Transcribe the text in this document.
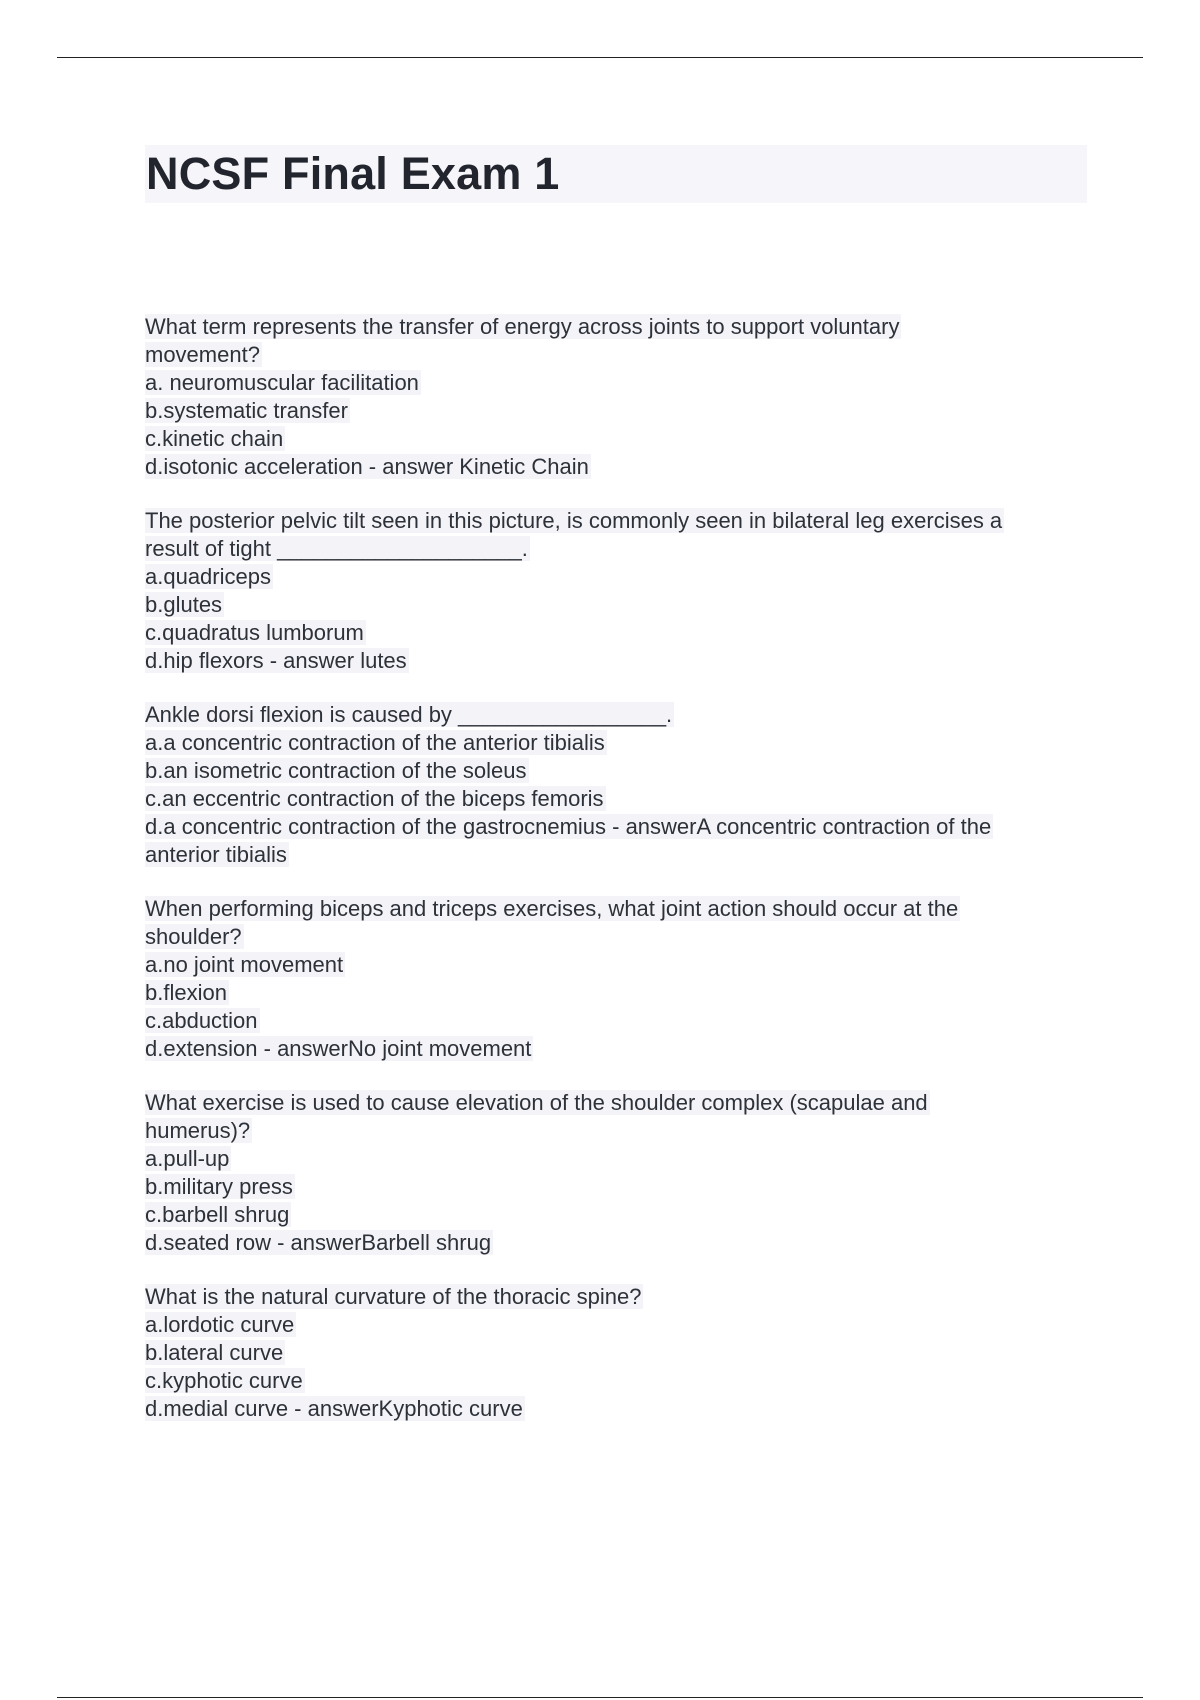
NCSF Final Exam 1
What term represents the transfer of energy across joints to support voluntary
movement?
a. neuromuscular facilitation
b.systematic transfer
c.kinetic chain
d.isotonic acceleration - answer Kinetic Chain
The posterior pelvic tilt seen in this picture, is commonly seen in bilateral leg exercises a
result of tight ____________________.
a.quadriceps
b.glutes
c.quadratus lumborum
d.hip flexors - answer lutes
Ankle dorsi flexion is caused by _________________.
a.a concentric contraction of the anterior tibialis
b.an isometric contraction of the soleus
c.an eccentric contraction of the biceps femoris
d.a concentric contraction of the gastrocnemius - answerA concentric contraction of the
anterior tibialis
When performing biceps and triceps exercises, what joint action should occur at the
shoulder?
a.no joint movement
b.flexion
c.abduction
d.extension - answerNo joint movement
What exercise is used to cause elevation of the shoulder complex (scapulae and
humerus)?
a.pull-up
b.military press
c.barbell shrug
d.seated row - answerBarbell shrug
What is the natural curvature of the thoracic spine?
a.lordotic curve
b.lateral curve
c.kyphotic curve
d.medial curve - answerKyphotic curve
